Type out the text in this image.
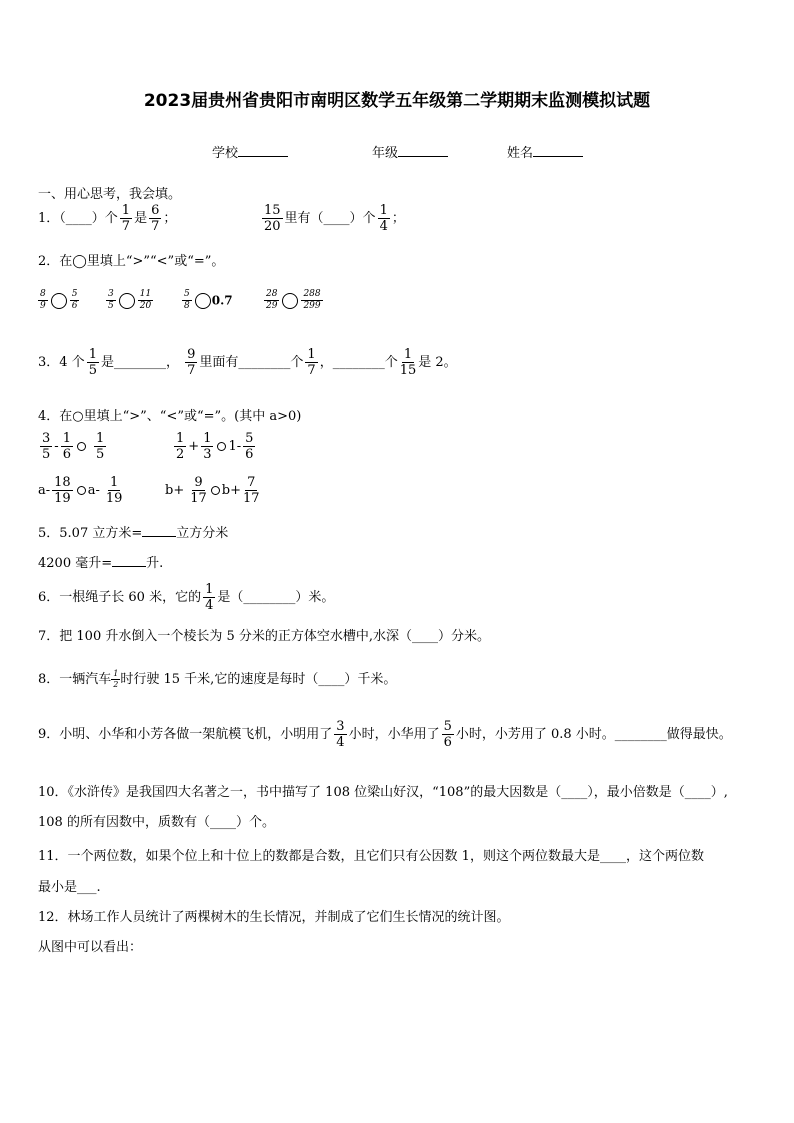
2023届贵州省贵阳市南明区数学五年级第二学期期末监测模拟试题
学校	年级	姓名
一、用心思考，我会填。
1．（____）个 $\frac{1}{7}$ 是 $\frac{6}{7}$ ；	$\frac{15}{20}$ 里有（____）个 $\frac{1}{4}$ ；
2．在◯里填上“>”“<”或“=”。
$\frac{8}{9} \frac{5}{6}$	$\frac{3}{5} \frac{11}{20}$	$\frac{5}{8} 0.7$	$\frac{28}{29} \frac{288}{299}$
3．4 个 $\frac{1}{5}$ 是________， $\frac{9}{7}$ 里面有________个 $\frac{1}{7}$ ，________个 $\frac{1}{15}$ 是 2。
4．在○里填上“>”、“<”或“=”。(其中 a>0)
$\frac{3}{5} - \frac{1}{6} \frac{1}{5}$	$\frac{1}{2} + \frac{1}{3} 1- \frac{5}{6}$
$a- \frac{18}{19} a- \frac{1}{19}$	$b+ \frac{9}{17} b+ \frac{7}{17}$
5．5.07 立方米=	立方分米
4200 毫升=	升.
6．一根绳子长 60 米，它的 $\frac{1}{4}$ 是（________）米。
7．把 100 升水倒入一个棱长为 5 分米的正方体空水槽中,水深（____）分米。
8．一辆汽车 $\frac{1}{2}$ 时行驶 15 千米,它的速度是每时（____）千米。
9．小明、小华和小芳各做一架航模飞机，小明用了 $\frac{3}{4}$ 小时，小华用了 $\frac{5}{6}$ 小时，小芳用了 0.8 小时。________做得最快。
10．《水浒传》是我国四大名著之一，书中描写了 108 位梁山好汉，“108”的最大因数是（____），最小倍数是（____）,
108 的所有因数中，质数有（____）个。
11．一个两位数，如果个位上和十位上的数都是合数，且它们只有公因数 1，则这个两位数最大是____，这个两位数
最小是___.
12．林场工作人员统计了两棵树木的生长情况，并制成了它们生长情况的统计图。
从图中可以看出：
